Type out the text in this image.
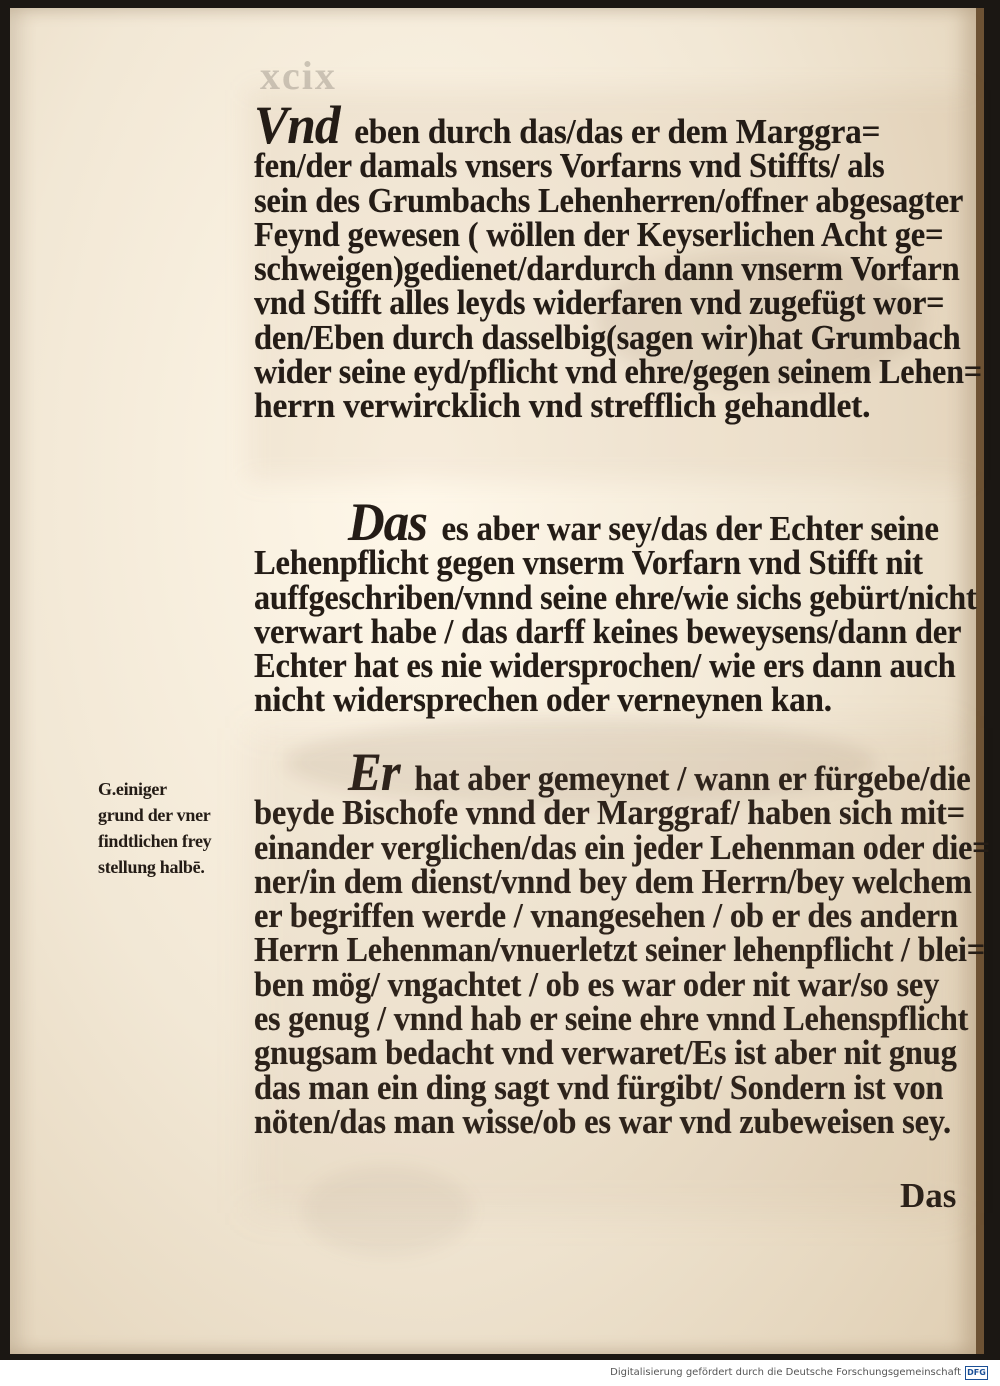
xcix
Vnd eben durch das/das er dem Marggra=
fen/der damals vnsers Vorfarns vnd Stiffts/ als
sein des Grumbachs Lehenherren/offner abgesagter
Feynd gewesen ( wöllen der Keyserlichen Acht ge=
schweigen)gedienet/dardurch dann vnserm Vorfarn
vnd Stifft alles leyds widerfaren vnd zugefügt wor=
den/Eben durch dasselbig(sagen wir)hat Grumbach
wider seine eyd/pflicht vnd ehre/gegen seinem Lehen=
herrn verwircklich vnd strefflich gehandlet.
Das es aber war sey/das der Echter seine
Lehenpflicht gegen vnserm Vorfarn vnd Stifft nit
auffgeschriben/vnnd seine ehre/wie sichs gebürt/nicht
verwart habe / das darff keines beweysens/dann der
Echter hat es nie widersprochen/ wie ers dann auch
nicht widersprechen oder verneynen kan.
Er hat aber gemeynet / wann er fürgebe/die
beyde Bischofe vnnd der Marggraf/ haben sich mit=
einander verglichen/das ein jeder Lehenman oder die=
ner/in dem dienst/vnnd bey dem Herrn/bey welchem
er begriffen werde / vnangesehen / ob er des andern
Herrn Lehenman/vnuerletzt seiner lehenpflicht / blei=
ben mög/ vngachtet / ob es war oder nit war/so sey
es genug / vnnd hab er seine ehre vnnd Lehenspflicht
gnugsam bedacht vnd verwaret/Es ist aber nit gnug
das man ein ding sagt vnd fürgibt/ Sondern ist von
nöten/das man wisse/ob es war vnd zubeweisen sey.
G.einiger
grund der vner
findtlichen frey
stellung halbē.
Das
Digitalisierung gefördert durch die Deutsche Forschungsgemeinschaft DFG
